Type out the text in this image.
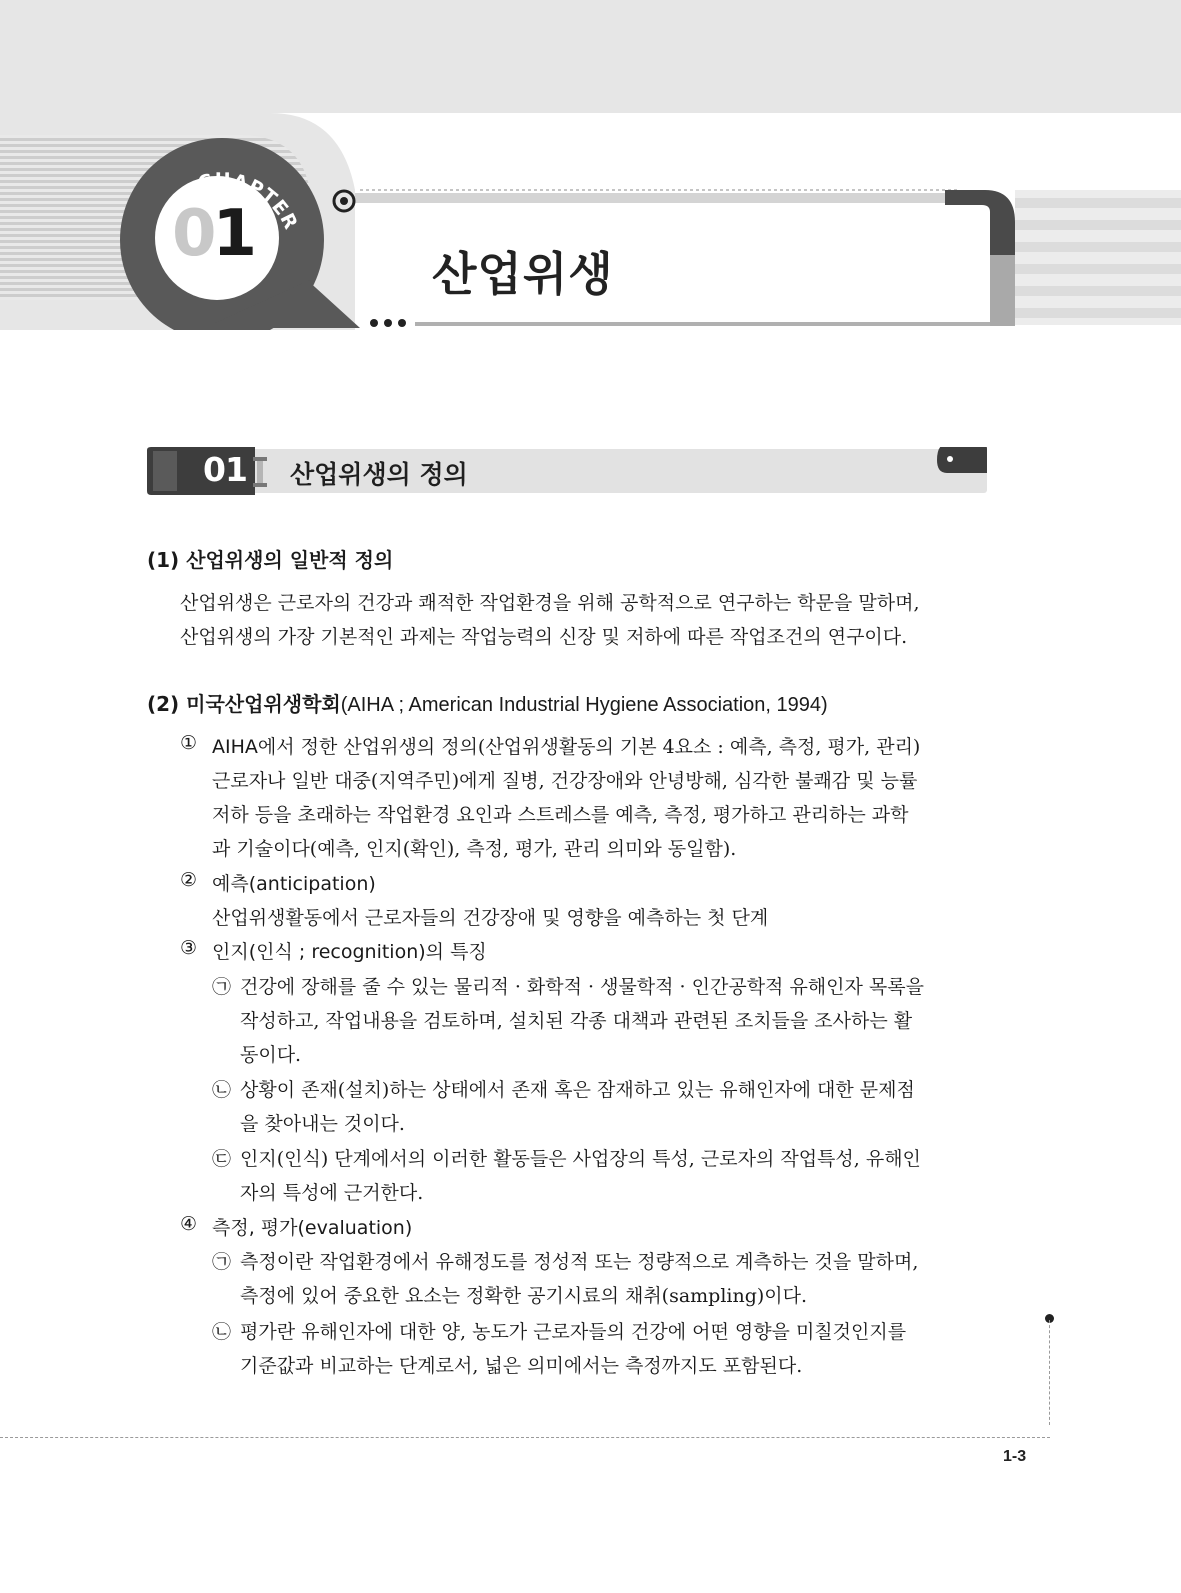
CHAPTER
01
산업위생
01 산업위생의 정의
(1) 산업위생의 일반적 정의
산업위생은 근로자의 건강과 쾌적한 작업환경을 위해 공학적으로 연구하는 학문을 말하며,
산업위생의 가장 기본적인 과제는 작업능력의 신장 및 저하에 따른 작업조건의 연구이다.
(2) 미국산업위생학회(AIHA ; American Industrial Hygiene Association, 1994)
① AIHA에서 정한 산업위생의 정의(산업위생활동의 기본 4요소 : 예측, 측정, 평가, 관리)
근로자나 일반 대중(지역주민)에게 질병, 건강장애와 안녕방해, 심각한 불쾌감 및 능률
저하 등을 초래하는 작업환경 요인과 스트레스를 예측, 측정, 평가하고 관리하는 과학
과 기술이다(예측, 인지(확인), 측정, 평가, 관리 의미와 동일함).
② 예측(anticipation)
산업위생활동에서 근로자들의 건강장애 및 영향을 예측하는 첫 단계
③ 인지(인식 ; recognition)의 특징
㉠ 건강에 장해를 줄 수 있는 물리적 · 화학적 · 생물학적 · 인간공학적 유해인자 목록을
작성하고, 작업내용을 검토하며, 설치된 각종 대책과 관련된 조치들을 조사하는 활
동이다.
㉡ 상황이 존재(설치)하는 상태에서 존재 혹은 잠재하고 있는 유해인자에 대한 문제점
을 찾아내는 것이다.
㉢ 인지(인식) 단계에서의 이러한 활동들은 사업장의 특성, 근로자의 작업특성, 유해인
자의 특성에 근거한다.
④ 측정, 평가(evaluation)
㉠ 측정이란 작업환경에서 유해정도를 정성적 또는 정량적으로 계측하는 것을 말하며,
측정에 있어 중요한 요소는 정확한 공기시료의 채취(sampling)이다.
㉡ 평가란 유해인자에 대한 양, 농도가 근로자들의 건강에 어떤 영향을 미칠것인지를
기준값과 비교하는 단계로서, 넓은 의미에서는 측정까지도 포함된다.
1-3
